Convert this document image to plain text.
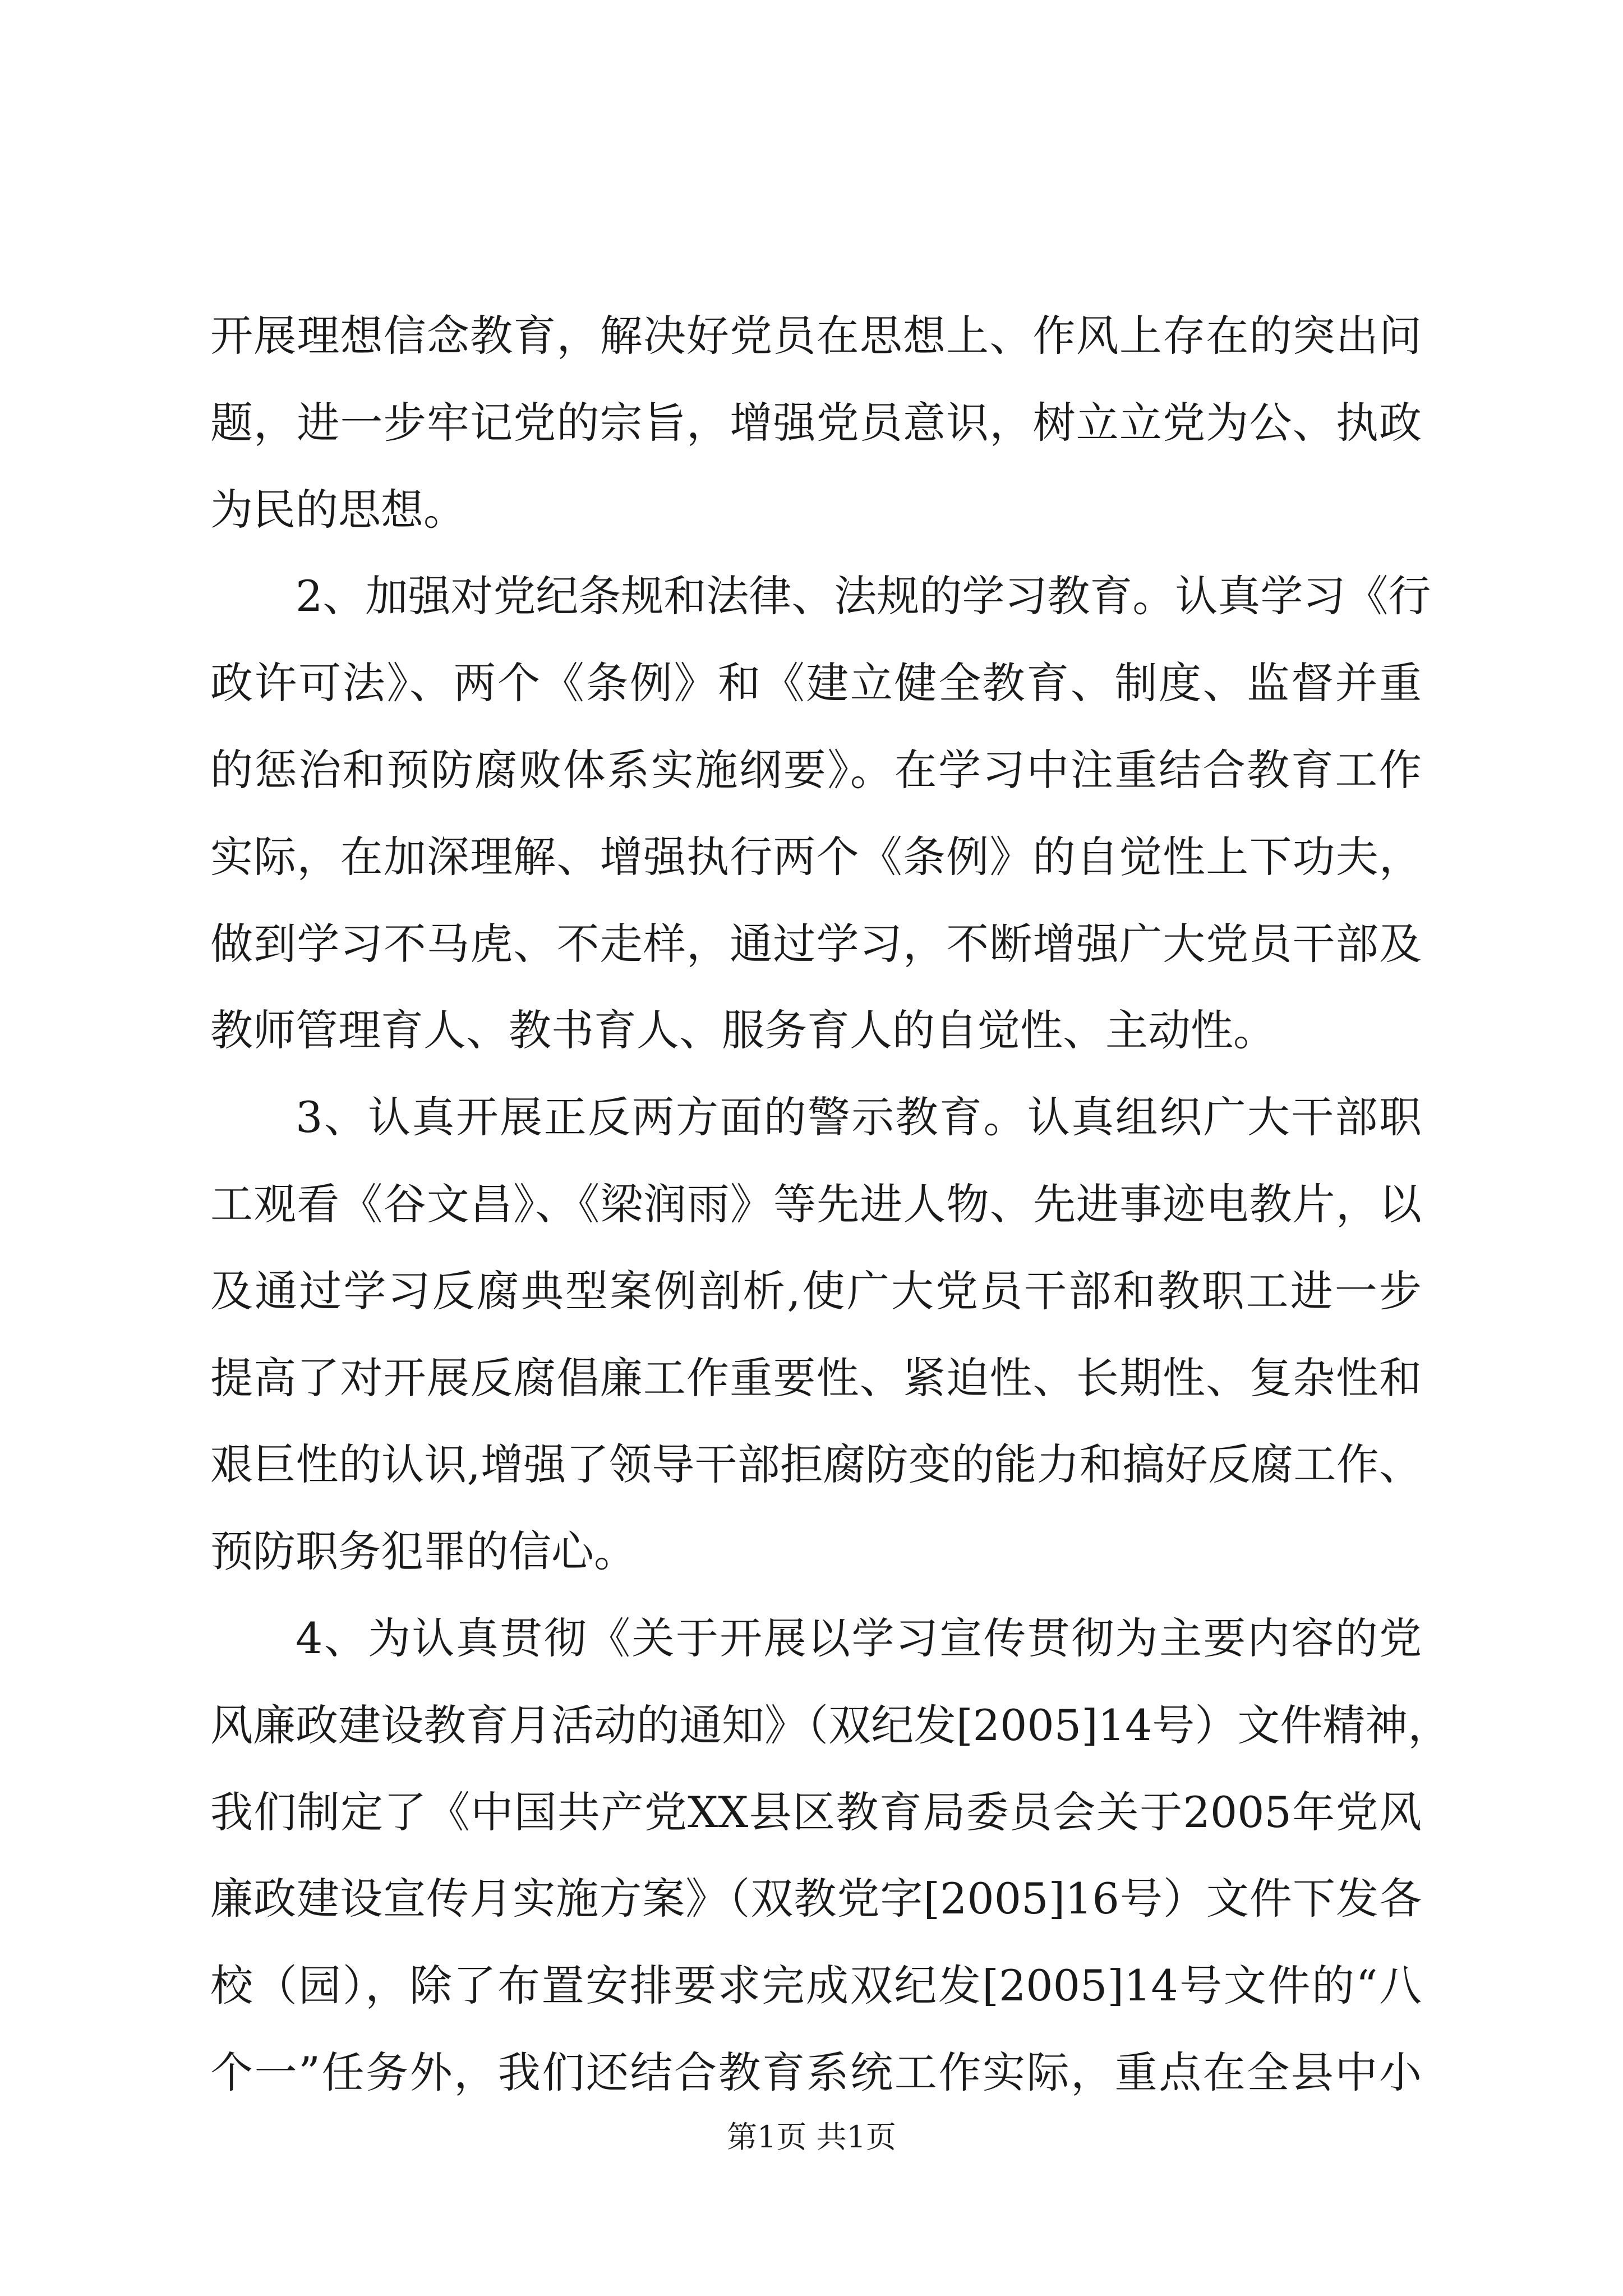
开展理想信念教育，解决好党员在思想上、作风上存在的突出问
题，进一步牢记党的宗旨，增强党员意识，树立立党为公、执政
为民的思想。
2、加强对党纪条规和法律、法规的学习教育。认真学习《行
政许可法》、两个《条例》和《建立健全教育、制度、监督并重
的惩治和预防腐败体系实施纲要》。在学习中注重结合教育工作
实际，在加深理解、增强执行两个《条例》的自觉性上下功夫，
做到学习不马虎、不走样，通过学习，不断增强广大党员干部及
教师管理育人、教书育人、服务育人的自觉性、主动性。
3、认真开展正反两方面的警示教育。认真组织广大干部职
工观看《谷文昌》、《梁润雨》等先进人物、先进事迹电教片，以
及通过学习反腐典型案例剖析,使广大党员干部和教职工进一步
提高了对开展反腐倡廉工作重要性、紧迫性、长期性、复杂性和
艰巨性的认识,增强了领导干部拒腐防变的能力和搞好反腐工作、
预防职务犯罪的信心。
4、为认真贯彻《关于开展以学习宣传贯彻为主要内容的党
风廉政建设教育月活动的通知》（双纪发[2005]14号）文件精神，
我们制定了《中国共产党XX县区教育局委员会关于2005年党风
廉政建设宣传月实施方案》（双教党字[2005]16号）文件下发各
校（园），除了布置安排要求完成双纪发[2005]14号文件的“八
个一”任务外，我们还结合教育系统工作实际，重点在全县中小
第1页 共1页
